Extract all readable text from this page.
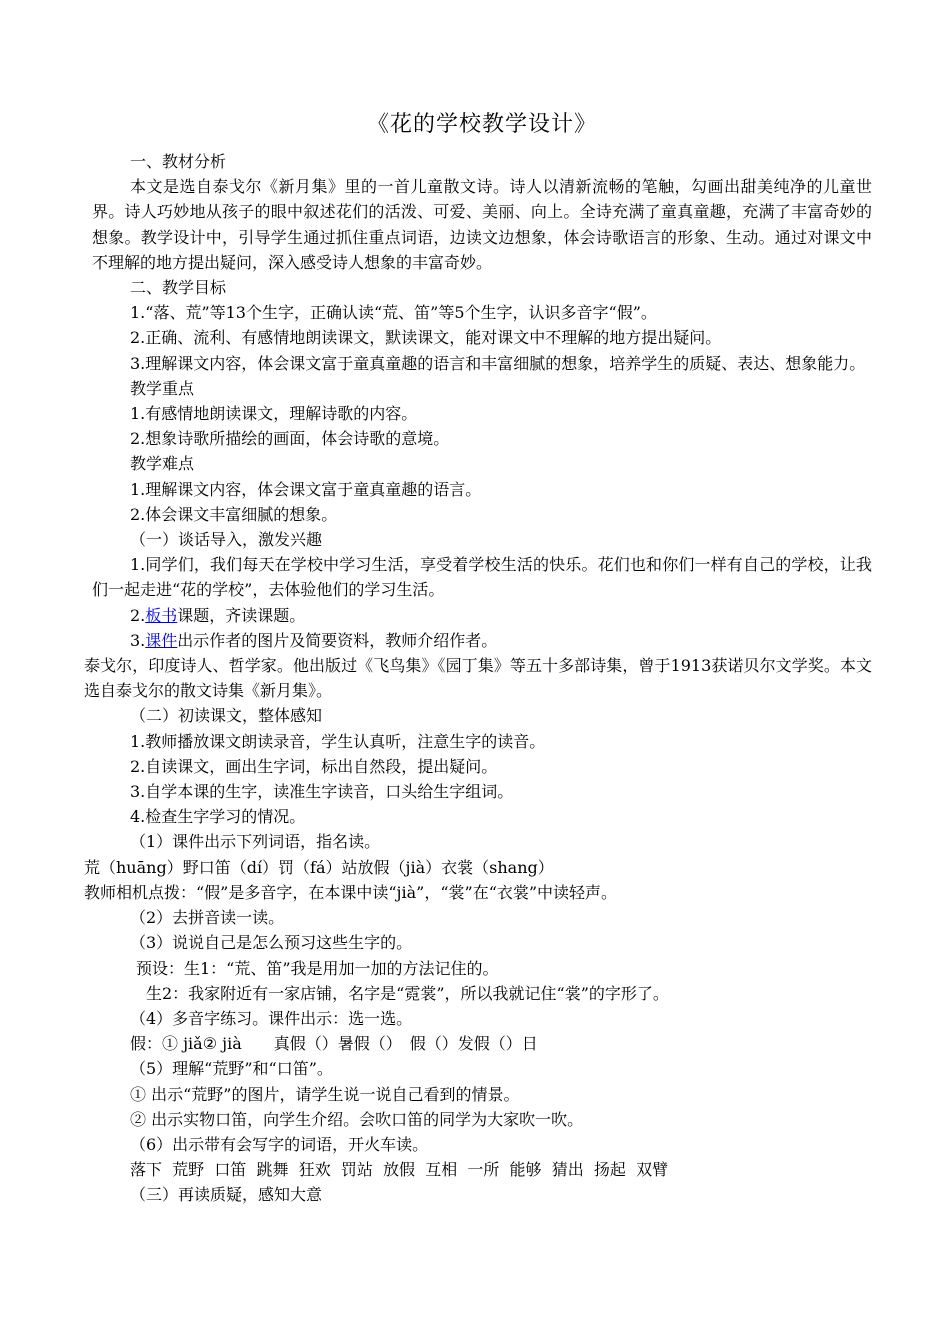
《花的学校教学设计》

一、教材分析

本文是选自泰戈尔《新月集》里的一首儿童散文诗。诗人以清新流畅的笔触，勾画出甜美纯净的儿童世界。诗人巧妙地从孩子的眼中叙述花们的活泼、可爱、美丽、向上。全诗充满了童真童趣，充满了丰富奇妙的想象。教学设计中，引导学生通过抓住重点词语，边读文边想象，体会诗歌语言的形象、生动。通过对课文中不理解的地方提出疑问，深入感受诗人想象的丰富奇妙。

二、教学目标

1.“落、荒”等13个生字，正确认读“荒、笛”等5个生字，认识多音字“假”。

2.正确、流利、有感情地朗读课文，默读课文，能对课文中不理解的地方提出疑问。

3.理解课文内容，体会课文富于童真童趣的语言和丰富细腻的想象，培养学生的质疑、表达、想象能力。

教学重点

1.有感情地朗读课文，理解诗歌的内容。

2.想象诗歌所描绘的画面，体会诗歌的意境。

教学难点

1.理解课文内容，体会课文富于童真童趣的语言。

2.体会课文丰富细腻的想象。

（一）谈话导入，激发兴趣

1.同学们，我们每天在学校中学习生活，享受着学校生活的快乐。花们也和你们一样有自己的学校，让我们一起走进“花的学校”，去体验他们的学习生活。

2.板书课题，齐读课题。

3.课件出示作者的图片及简要资料，教师介绍作者。

泰戈尔，印度诗人、哲学家。他出版过《飞鸟集》《园丁集》等五十多部诗集，曾于1913获诺贝尔文学奖。本文选自泰戈尔的散文诗集《新月集》。

（二）初读课文，整体感知

1.教师播放课文朗读录音，学生认真听，注意生字的读音。

2.自读课文，画出生字词，标出自然段，提出疑问。

3.自学本课的生字，读准生字读音，口头给生字组词。

4.检查生字学习的情况。

（1）课件出示下列词语，指名读。

荒（huāng）野口笛（dí）罚（fá）站放假（jià）衣裳（shang）

教师相机点拨：“假”是多音字，在本课中读“jià”，“裳”在“衣裳”中读轻声。

（2）去拼音读一读。

（3）说说自己是怎么预习这些生字的。

预设：生1：“荒、笛”我是用加一加的方法记住的。

生2：我家附近有一家店铺，名字是“霓裳”，所以我就记住“裳”的字形了。

（4）多音字练习。课件出示：选一选。

假：① jiǎ② jià　　真假（）暑假（）　假（）发假（）日

（5）理解“荒野”和“口笛”。

① 出示“荒野”的图片，请学生说一说自己看到的情景。

② 出示实物口笛，向学生介绍。会吹口笛的同学为大家吹一吹。

（6）出示带有会写字的词语，开火车读。

落下  荒野  口笛  跳舞  狂欢  罚站  放假  互相  一所  能够  猜出  扬起  双臂

（三）再读质疑，感知大意
